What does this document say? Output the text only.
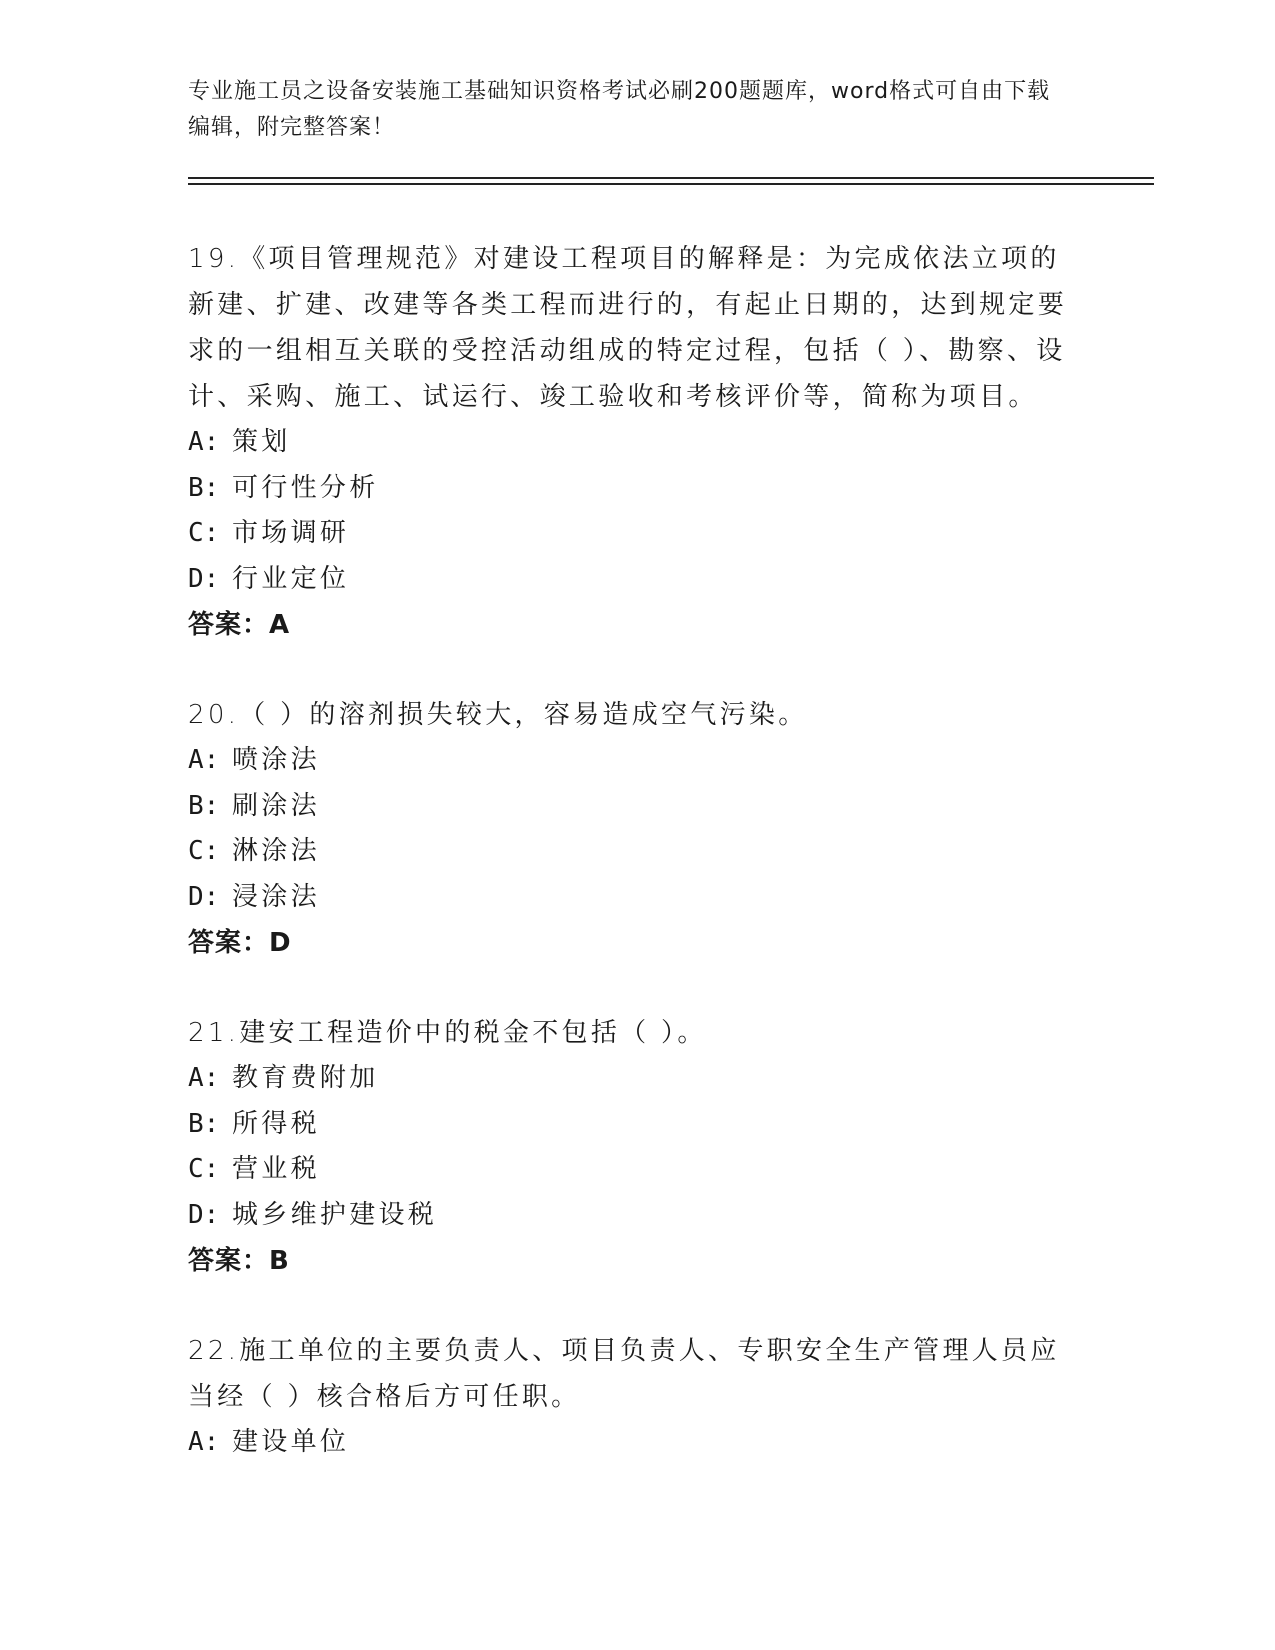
专业施工员之设备安装施工基础知识资格考试必刷200题题库，word格式可自由下载编辑，附完整答案！

19.《项目管理规范》对建设工程项目的解释是：为完成依法立项的新建、扩建、改建等各类工程而进行的，有起止日期的，达到规定要求的一组相互关联的受控活动组成的特定过程，包括（ ）、勘察、设计、采购、施工、试运行、竣工验收和考核评价等，简称为项目。

A: 策划

B: 可行性分析

C: 市场调研

D: 行业定位

答案：A

20.（ ）的溶剂损失较大，容易造成空气污染。

A: 喷涂法

B: 刷涂法

C: 淋涂法

D: 浸涂法

答案：D

21.建安工程造价中的税金不包括（ ）。

A: 教育费附加

B: 所得税

C: 营业税

D: 城乡维护建设税

答案：B

22.施工单位的主要负责人、项目负责人、专职安全生产管理人员应当经（ ）核合格后方可任职。

A: 建设单位
